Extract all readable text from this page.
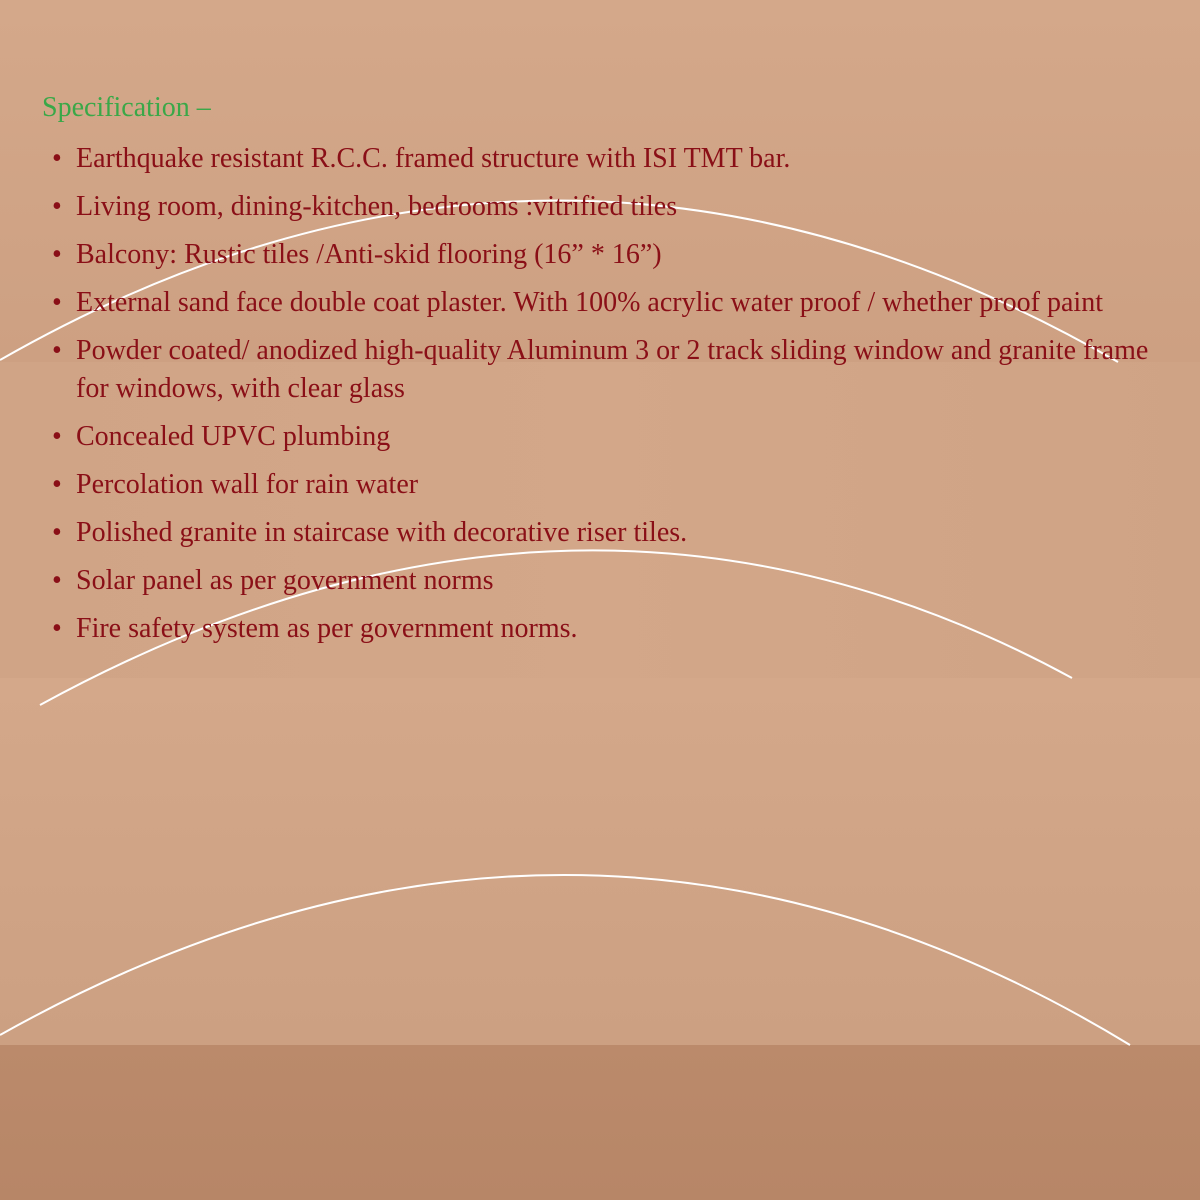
Specification –
• Earthquake resistant R.C.C. framed structure with ISI TMT bar.
• Living room, dining-kitchen, bedrooms :vitrified tiles
• Balcony: Rustic tiles /Anti-skid flooring (16” * 16”)
• External sand face double coat plaster. With 100% acrylic water proof / whether proof paint
• Powder coated/ anodized high-quality Aluminum 3 or 2 track sliding window and granite frame for windows, with clear glass
• Concealed UPVC plumbing
• Percolation wall for rain water
• Polished granite in staircase with decorative riser tiles.
• Solar panel as per government norms
• Fire safety system as per government norms.
